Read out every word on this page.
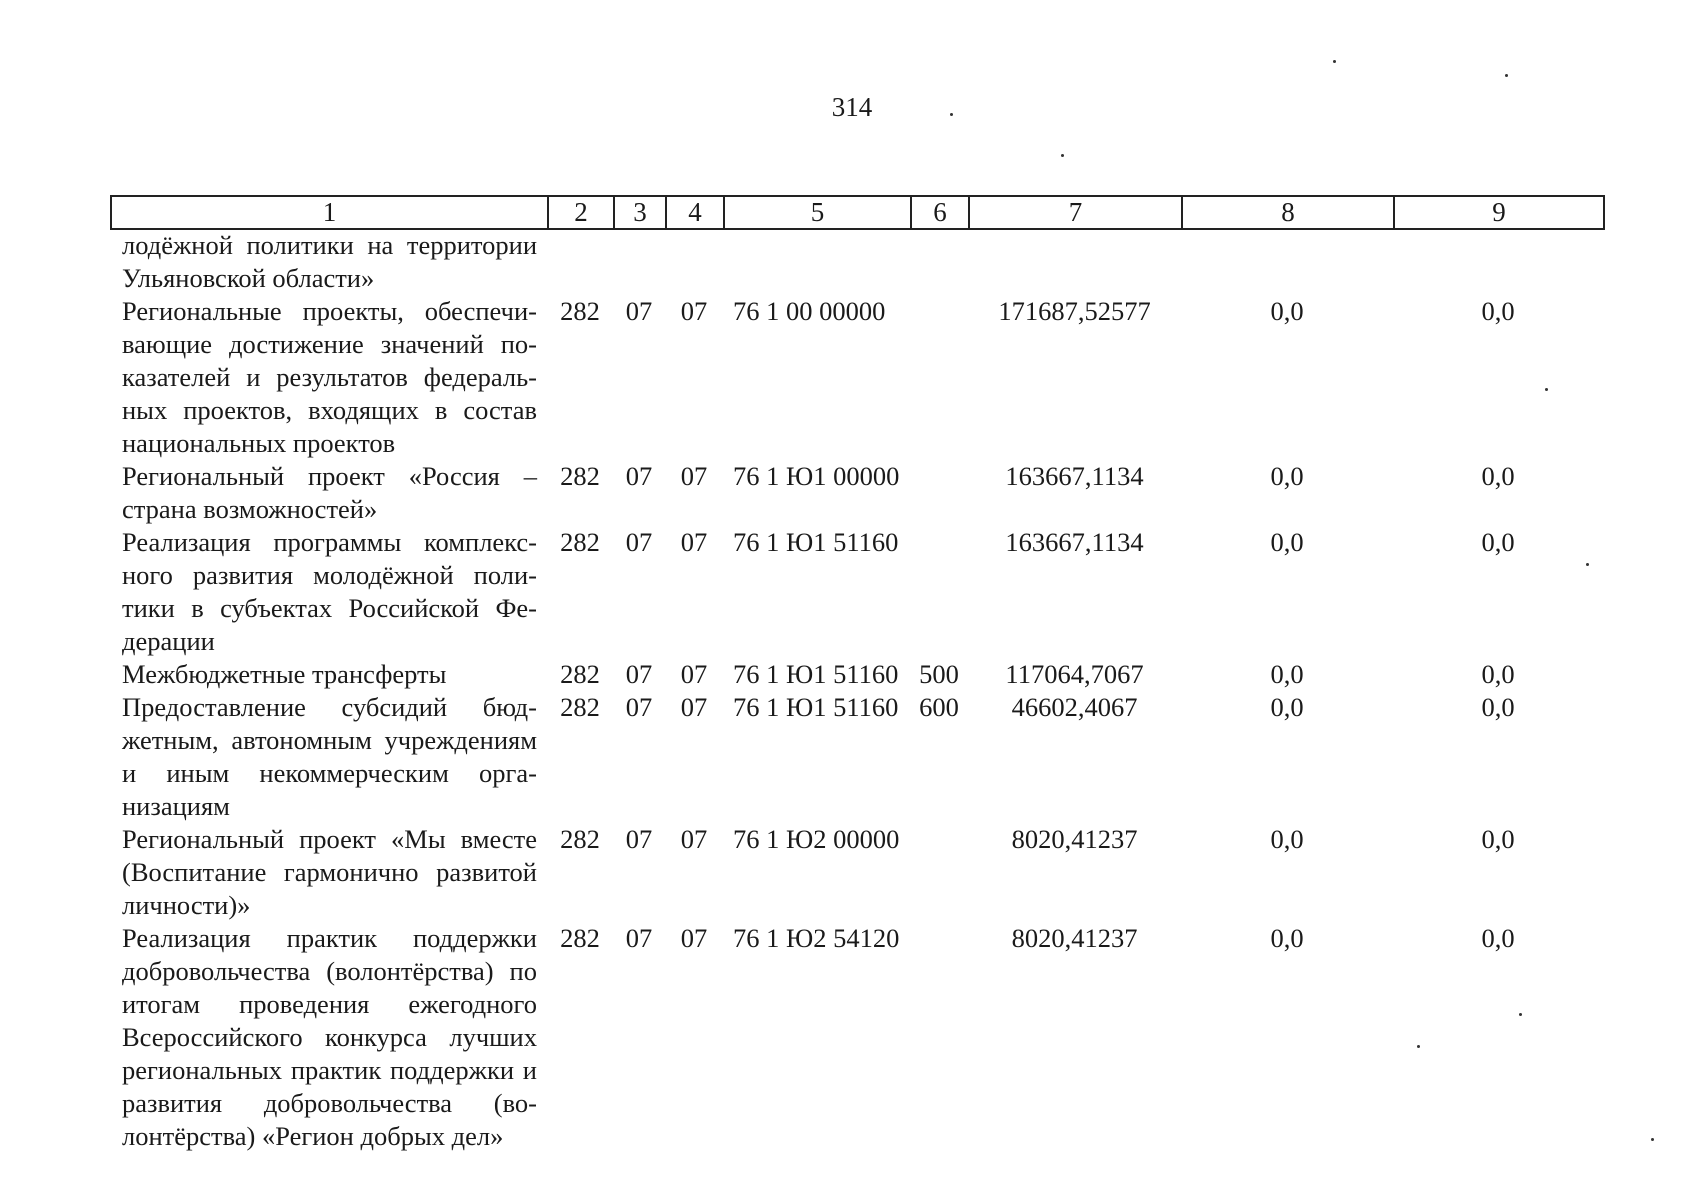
314
1	2	3	4	5	6	7	8	9
лодёжной политики на территории Ульяновской области»								
Региональные проекты, обеспечивающие достижение значений показателей и результатов федеральных проектов, входящих в состав национальных проектов	282	07	07	76 1 00 00000		171687,52577	0,0	0,0
Региональный проект «Россия – страна возможностей»	282	07	07	76 1 Ю1 00000		163667,1134	0,0	0,0
Реализация программы комплексного развития молодёжной политики в субъектах Российской Федерации	282	07	07	76 1 Ю1 51160		163667,1134	0,0	0,0
Межбюджетные трансферты	282	07	07	76 1 Ю1 51160	500	117064,7067	0,0	0,0
Предоставление субсидий бюджетным, автономным учреждениям и иным некоммерческим организациям	282	07	07	76 1 Ю1 51160	600	46602,4067	0,0	0,0
Региональный проект «Мы вместе (Воспитание гармонично развитой личности)»	282	07	07	76 1 Ю2 00000		8020,41237	0,0	0,0
Реализация практик поддержки добровольчества (волонтёрства) по итогам проведения ежегодного Всероссийского конкурса лучших региональных практик поддержки и развития добровольчества (волонтёрства) «Регион добрых дел»	282	07	07	76 1 Ю2 54120		8020,41237	0,0	0,0
